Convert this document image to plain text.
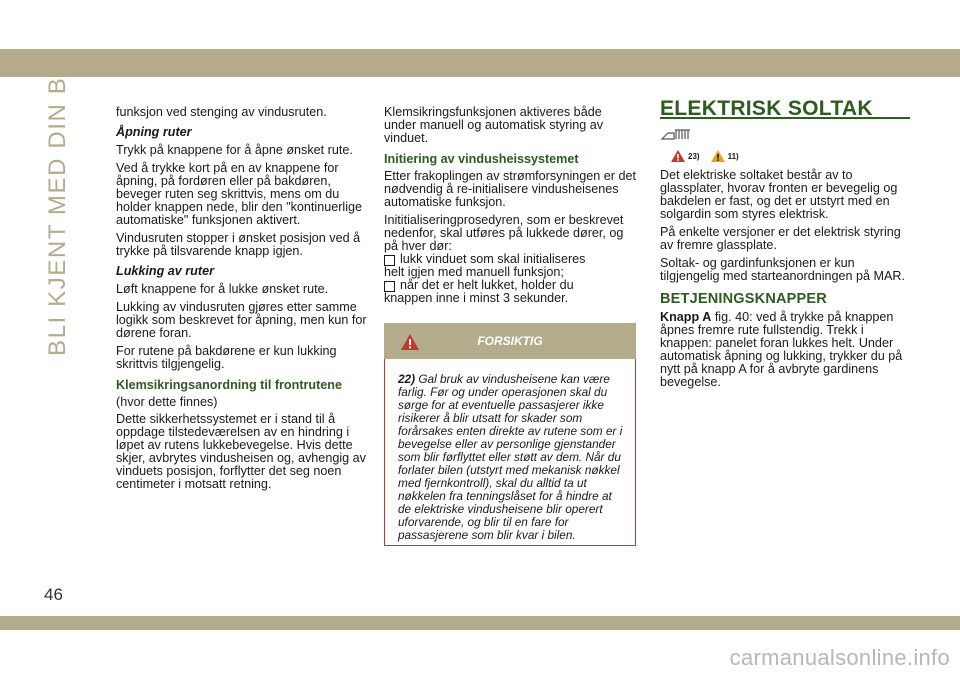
BLI KJENT MED DIN BIL	funksjon ved stenging av vindusruten.

Åpning ruter

Trykk på knappene for å åpne ønsket rute.

Ved å trykke kort på en av knappene for åpning, på fordøren eller på bakdøren, beveger ruten seg skrittvis, mens om du holder knappen nede, blir den "kontinuerlige automatiske" funksjonen aktivert.

Vindusruten stopper i ønsket posisjon ved å trykke på tilsvarende knapp igjen.

Lukking av ruter

Løft knappene for å lukke ønsket rute.

Lukking av vindusruten gjøres etter samme logikk som beskrevet for åpning, men kun for dørene foran.

For rutene på bakdørene er kun lukking skrittvis tilgjengelig.

Klemsikringsanordning til frontrutene

(hvor dette finnes)

Dette sikkerhetssystemet er i stand til å oppdage tilstedeværelsen av en hindring i løpet av rutens lukkebevegelse. Hvis dette skjer, avbrytes vindusheisen og, avhengig av vinduets posisjon, forflytter det seg noen centimeter i motsatt retning.

Klemsikringsfunksjonen aktiveres både under manuell og automatisk styring av vinduet.

Initiering av vindusheissystemet

Etter frakoplingen av strømforsyningen er det nødvendig å re-initialisere vindusheisenes automatiske funksjon.

Inititialiseringprosedyren, som er beskrevet nedenfor, skal utføres på lukkede dører, og på hver dør:

lukk vinduet som skal initialiseres
helt igjen med manuell funksjon;
når det er helt lukket, holder du
knappen inne i minst 3 sekunder.
FORSIKTIG
22) Gal bruk av vindusheisene kan være farlig. Før og under operasjonen skal du sørge for at eventuelle passasjerer ikke risikerer å blir utsatt for skader som forårsakes enten direkte av rutene som er i bevegelse eller av personlige gjenstander som blir førflyttet eller støtt av dem. Når du forlater bilen (utstyrt med mekanisk nøkkel med fjernkontroll), skal du alltid ta ut nøkkelen fra tenningslåset for å hindre at de elektriske vindusheisene blir operert uforvarende, og blir til en fare for passasjerene som blir kvar i bilen.
ELEKTRISK SOLTAK
23)	11)

Det elektriske soltaket består av to glassplater, hvorav fronten er bevegelig og bakdelen er fast, og det er utstyrt med en solgardin som styres elektrisk.

På enkelte versjoner er det elektrisk styring av fremre glassplate.

Soltak- og gardinfunksjonen er kun tilgjengelig med starteanordningen på MAR.

BETJENINGSKNAPPER

Knapp A fig. 40: ved å trykke på knappen åpnes fremre rute fullstendig. Trekk i knappen: panelet foran lukkes helt. Under automatisk åpning og lukking, trykker du på nytt på knapp A for å avbryte gardinens bevegelse.

46
carmanualsonline.info
